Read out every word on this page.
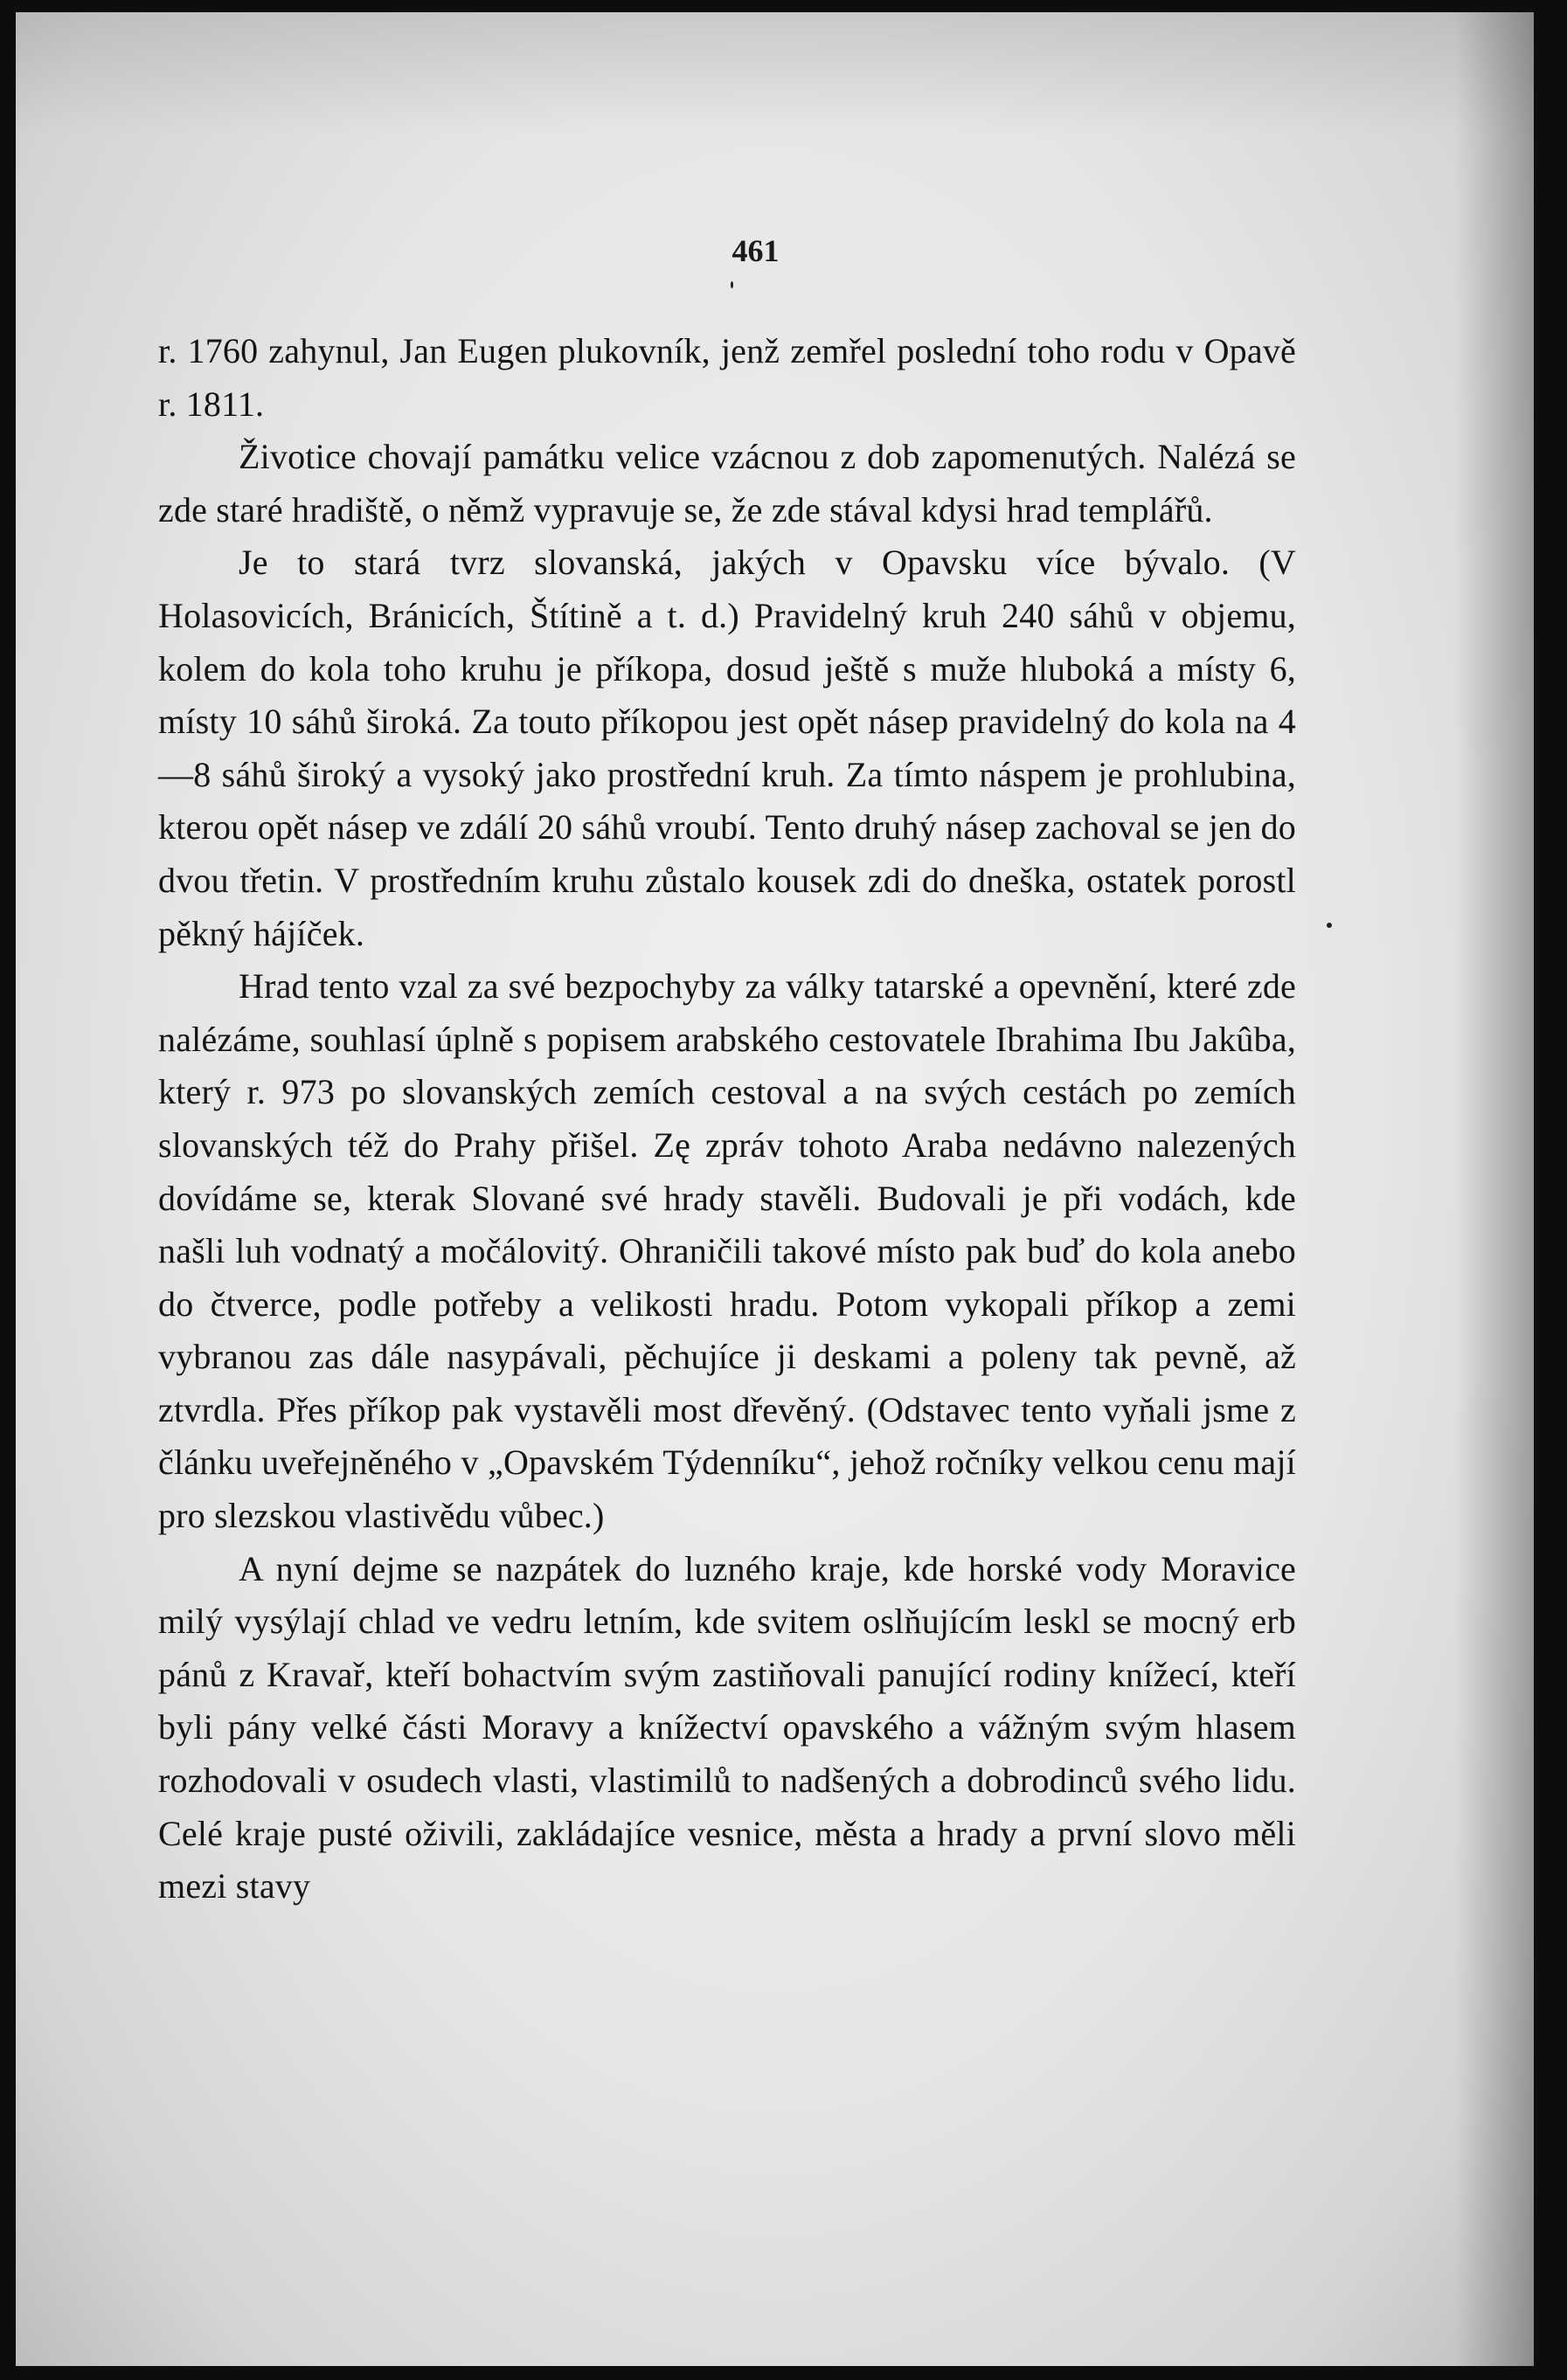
461

r. 1760 zahynul, Jan Eugen plukovník, jenž zemřel poslední toho rodu v Opavě r. 1811.

Životice chovají památku velice vzácnou z dob zapomenutých. Nalézá se zde staré hradiště, o němž vypravuje se, že zde stával kdysi hrad templářů.

Je to stará tvrz slovanská, jakých v Opavsku více bývalo. (V Holasovicích, Bránicích, Štítině a t. d.) Pravidelný kruh 240 sáhů v objemu, kolem do kola toho kruhu je příkopa, dosud ještě s muže hluboká a místy 6, místy 10 sáhů široká. Za touto příkopou jest opět násep pravidelný do kola na 4—8 sáhů široký a vysoký jako prostřední kruh. Za tímto náspem je prohlubina, kterou opět násep ve zdálí 20 sáhů vroubí. Tento druhý násep zachoval se jen do dvou třetin. V prostředním kruhu zůstalo kousek zdi do dneška, ostatek porostl pěkný hájíček.

Hrad tento vzal za své bezpochyby za války tatarské a opevnění, které zde nalézáme, souhlasí úplně s popisem arabského cestovatele Ibrahima Ibu Jakûba, který r. 973 po slovanských zemích cestoval a na svých cestách po zemích slovanských též do Prahy přišel. Zę zpráv tohoto Araba nedávno nalezených dovídáme se, kterak Slované své hrady stavěli. Budovali je při vodách, kde našli luh vodnatý a močálovitý. Ohraničili takové místo pak buď do kola anebo do čtverce, podle potřeby a velikosti hradu. Potom vykopali příkop a zemi vybranou zas dále nasypávali, pěchujíce ji deskami a poleny tak pevně, až ztvrdla. Přes příkop pak vystavěli most dřevěný. (Odstavec tento vyňali jsme z článku uveřejněného v „Opavském Týdenníku“, jehož ročníky velkou cenu mají pro slezskou vlastivědu vůbec.)

A nyní dejme se nazpátek do luzného kraje, kde horské vody Moravice milý vysýlají chlad ve vedru letním, kde svitem oslňujícím leskl se mocný erb pánů z Kravař, kteří bohactvím svým zastiňovali panující rodiny knížecí, kteří byli pány velké části Moravy a knížectví opavského a vážným svým hlasem rozhodovali v osudech vlasti, vlastimilů to nadšených a dobrodinců svého lidu. Celé kraje pusté oživili, zakládajíce vesnice, města a hrady a první slovo měli mezi stavy
